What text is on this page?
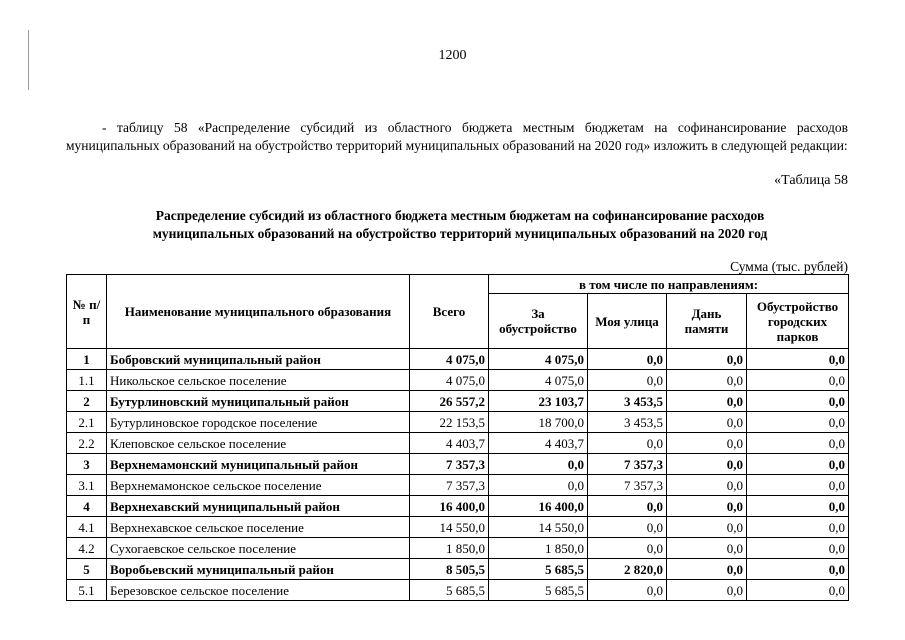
1200

- таблицу 58 «Распределение субсидий из областного бюджета местным бюджетам на софинансирование расходов муниципальных образований на обустройство территорий муниципальных образований на 2020 год» изложить в следующей редакции:

«Таблица 58
Распределение субсидий из областного бюджета местным бюджетам на софинансирование расходов
муниципальных образований на обустройство территорий муниципальных образований на 2020 год
Сумма (тыс. рублей)
№ п/п	Наименование муниципального образования	Всего	в том числе по направлениям:			
			За обустройство	Моя улица	Дань памяти	Обустройство городских парков
1	Бобровский муниципальный район	4 075,0	4 075,0	0,0	0,0	0,0
1.1	Никольское сельское поселение	4 075,0	4 075,0	0,0	0,0	0,0
2	Бутурлиновский муниципальный район	26 557,2	23 103,7	3 453,5	0,0	0,0
2.1	Бутурлиновское городское поселение	22 153,5	18 700,0	3 453,5	0,0	0,0
2.2	Клеповское сельское поселение	4 403,7	4 403,7	0,0	0,0	0,0
3	Верхнемамонский муниципальный район	7 357,3	0,0	7 357,3	0,0	0,0
3.1	Верхнемамонское сельское поселение	7 357,3	0,0	7 357,3	0,0	0,0
4	Верхнехавский муниципальный район	16 400,0	16 400,0	0,0	0,0	0,0
4.1	Верхнехавское сельское поселение	14 550,0	14 550,0	0,0	0,0	0,0
4.2	Сухогаевское сельское поселение	1 850,0	1 850,0	0,0	0,0	0,0
5	Воробьевский муниципальный район	8 505,5	5 685,5	2 820,0	0,0	0,0
5.1	Березовское сельское поселение	5 685,5	5 685,5	0,0	0,0	0,0
